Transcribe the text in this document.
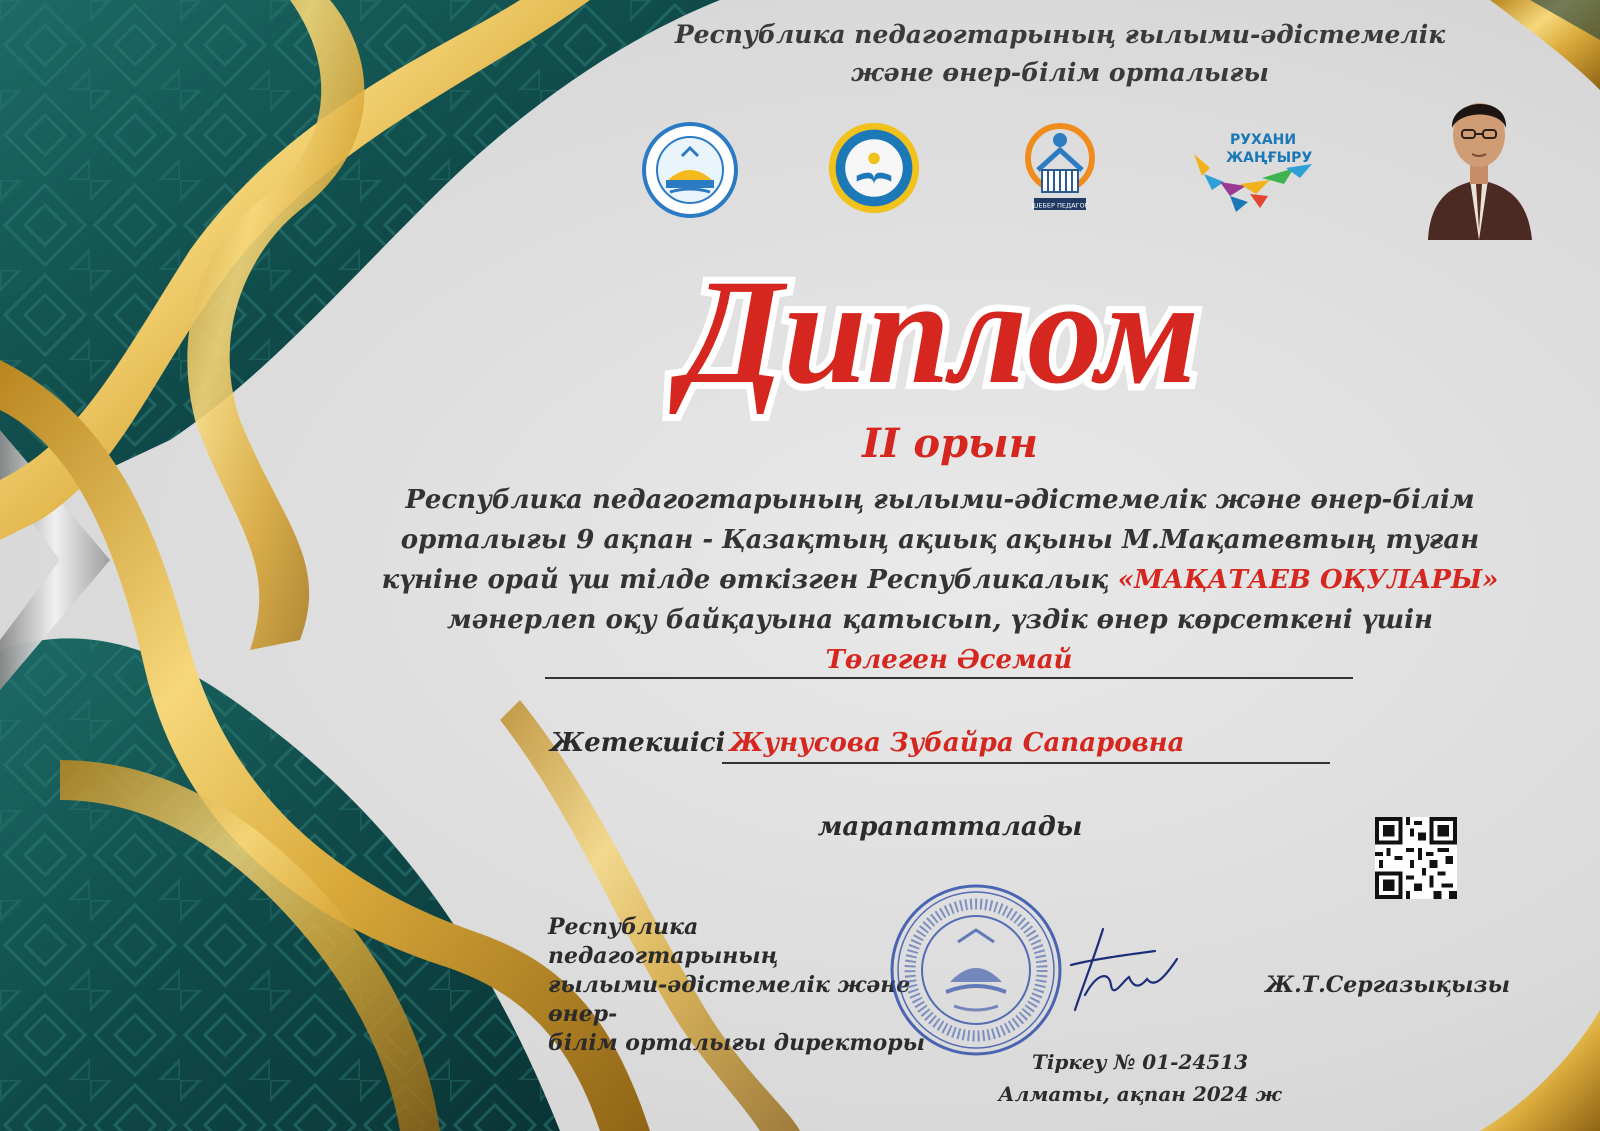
Республика педагогтарының ғылыми-әдістемелік
және өнер-білім орталығы
ШЕБЕР ПЕДАГОГ
РУХАНИ
ЖАҢҒЫРУ
Диплом
II орын
Республика педагогтарының ғылыми-әдістемелік және өнер-білім орталығы 9 ақпан - Қазақтың ақиық ақыны М.Мақатевтың туған күніне орай үш тілде өткізген Республикалық «МАҚАТАЕВ ОҚУЛАРЫ» мәнерлеп оқу байқауына қатысып, үздік өнер көрсеткені үшін
Төлеген Әсемай
Жетекшісі Жунусова Зубайра Сапаровна
марапатталады
Республика педагогтарының
ғылыми-әдістемелік және өнер-
білім орталығы директоры
Ж.Т.Сергазықызы
Тіркеу № 01-24513
Алматы, ақпан 2024 ж
